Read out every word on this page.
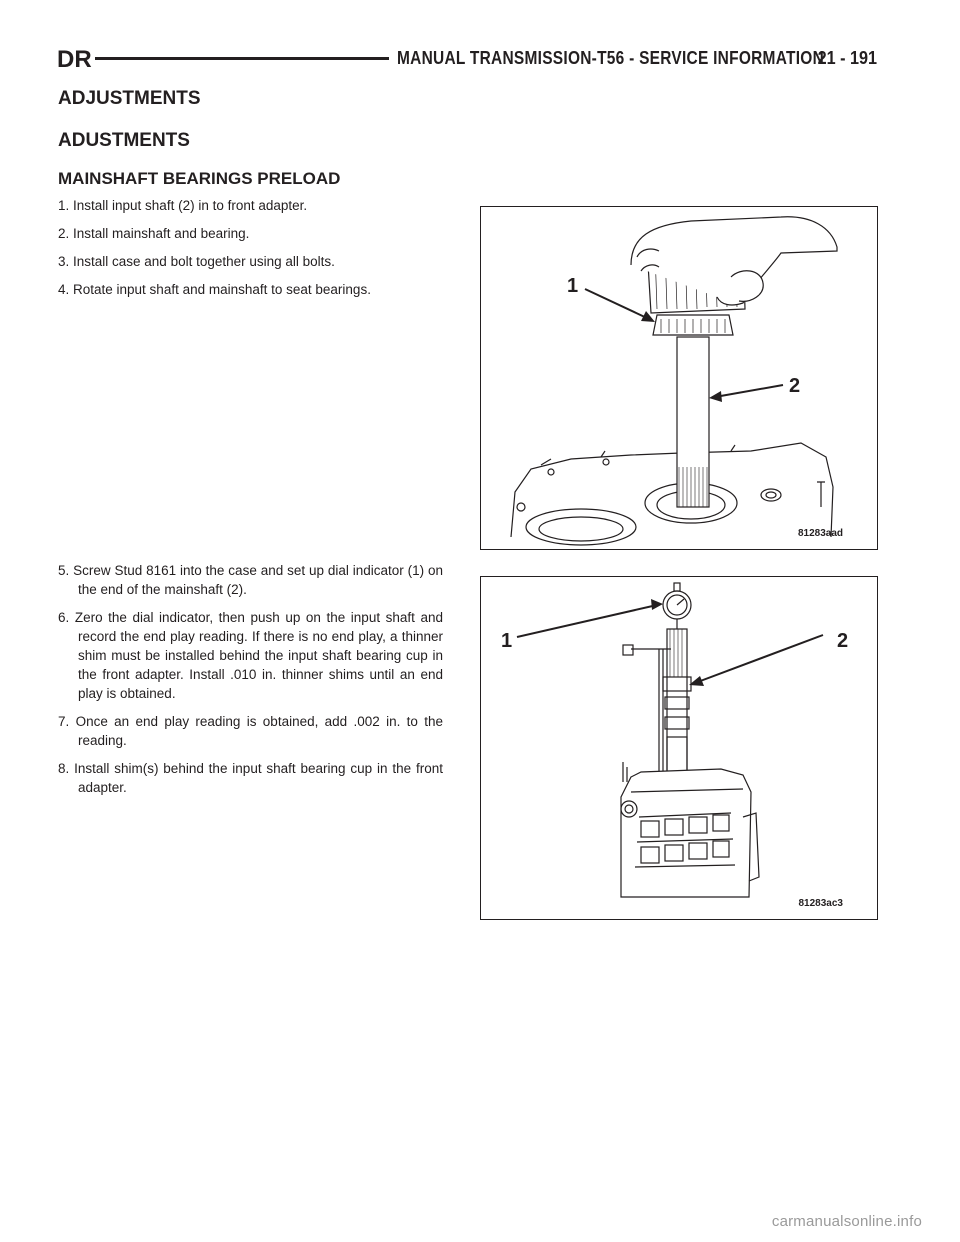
DR	MANUAL TRANSMISSION-T56 - SERVICE INFORMATION
21 - 191
ADJUSTMENTS
ADUSTMENTS
MAINSHAFT BEARINGS PRELOAD

1. Install input shaft (2) in to front adapter.

2. Install mainshaft and bearing.

3. Install case and bolt together using all bolts.

4. Rotate input shaft and mainshaft to seat bearings.

5. Screw Stud 8161 into the case and set up dial indicator (1) on the end of the mainshaft (2).

6. Zero the dial indicator, then push up on the input shaft and record the end play reading. If there is no end play, a thinner shim must be installed behind the input shaft bearing cup in the front adapter. Install .010 in. thinner shims until an end play is obtained.

7. Once an end play reading is obtained, add .002 in. to the reading.

8. Install shim(s) behind the input shaft bearing cup in the front adapter.

1
2
81283aad
1	2
81283ac3
carmanualsonline.info
